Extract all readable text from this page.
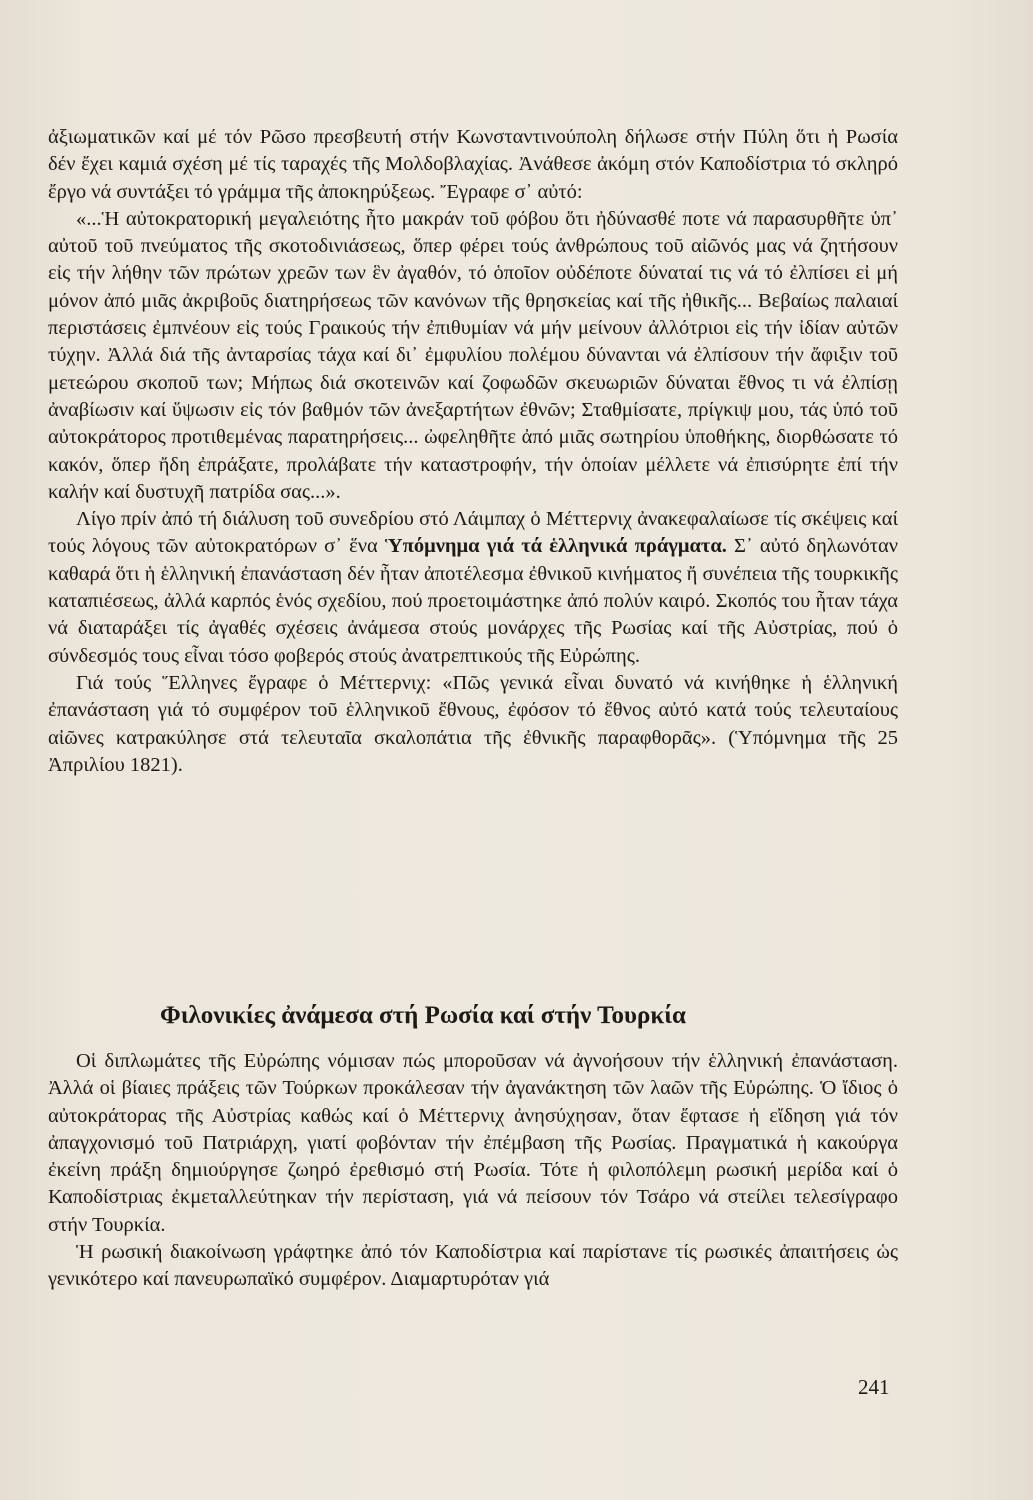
ἀξιωματικῶν καί μέ τόν Ρῶσο πρεσβευτή στήν Κωνσταντινούπολη δήλωσε στήν Πύλη ὅτι ἡ Ρωσία δέν ἔχει καμιά σχέση μέ τίς ταραχές τῆς Μολδοβλαχίας. Ἀνάθεσε ἀκόμη στόν Καποδίστρια τό σκληρό ἔργο νά συντάξει τό γράμμα τῆς ἀποκηρύξεως. Ἔγραφε σ᾽ αὐτό:

«...Ἡ αὐτοκρατορική μεγαλειότης ἦτο μακράν τοῦ φόβου ὅτι ἠδύνασθέ ποτε νά παρασυρθῆτε ὑπ᾽ αὐτοῦ τοῦ πνεύματος τῆς σκοτοδινιάσεως, ὅπερ φέρει τούς ἀνθρώπους τοῦ αἰῶνός μας νά ζητήσουν εἰς τήν λήθην τῶν πρώτων χρεῶν των ἓν ἀγαθόν, τό ὁποῖον οὐδέποτε δύναταί τις νά τό ἐλπίσει εἰ μή μόνον ἀπό μιᾶς ἀκριβοῦς διατηρήσεως τῶν κανόνων τῆς θρησκείας καί τῆς ἠθικῆς... Βεβαίως παλαιαί περιστάσεις ἐμπνέουν εἰς τούς Γραικούς τήν ἐπιθυμίαν νά μήν μείνουν ἀλλότριοι εἰς τήν ἰδίαν αὐτῶν τύχην. Ἀλλά διά τῆς ἀνταρσίας τάχα καί δι᾽ ἐμφυλίου πολέμου δύνανται νά ἐλπίσουν τήν ἄφιξιν τοῦ μετεώρου σκοποῦ των; Μήπως διά σκοτεινῶν καί ζοφωδῶν σκευωριῶν δύναται ἔθνος τι νά ἐλπίσῃ ἀναβίωσιν καί ὕψωσιν εἰς τόν βαθμόν τῶν ἀνεξαρτήτων ἐθνῶν; Σταθμίσατε, πρίγκιψ μου, τάς ὑπό τοῦ αὐτοκράτορος προτιθεμένας παρατηρήσεις... ὠφεληθῆτε ἀπό μιᾶς σωτηρίου ὑποθήκης, διορθώσατε τό κακόν, ὅπερ ἤδη ἐπράξατε, προλάβατε τήν καταστροφήν, τήν ὁποίαν μέλλετε νά ἐπισύρητε ἐπί τήν καλήν καί δυστυχῆ πατρίδα σας...».

Λίγο πρίν ἀπό τή διάλυση τοῦ συνεδρίου στό Λάιμπαχ ὁ Μέττερνιχ ἀνακεφαλαίωσε τίς σκέψεις καί τούς λόγους τῶν αὐτοκρατόρων σ᾽ ἕνα Ὑπόμνημα γιά τά ἑλληνικά πράγματα. Σ᾽ αὐτό δηλωνόταν καθαρά ὅτι ἡ ἑλληνική ἐπανάσταση δέν ἦταν ἀποτέλεσμα ἐθνικοῦ κινήματος ἤ συνέπεια τῆς τουρκικῆς καταπιέσεως, ἀλλά καρπός ἑνός σχεδίου, πού προετοιμάστηκε ἀπό πολύν καιρό. Σκοπός του ἦταν τάχα νά διαταράξει τίς ἀγαθές σχέσεις ἀνάμεσα στούς μονάρχες τῆς Ρωσίας καί τῆς Αὐστρίας, πού ὁ σύνδεσμός τους εἶναι τόσο φοβερός στούς ἀνατρεπτικούς τῆς Εὐρώπης.

Γιά τούς Ἕλληνες ἔγραφε ὁ Μέττερνιχ: «Πῶς γενικά εἶναι δυνατό νά κινήθηκε ἡ ἑλληνική ἐπανάσταση γιά τό συμφέρον τοῦ ἑλληνικοῦ ἔθνους, ἐφόσον τό ἔθνος αὐτό κατά τούς τελευταίους αἰῶνες κατρακύλησε στά τελευταῖα σκαλοπάτια τῆς ἐθνικῆς παραφθορᾶς». (Ὑπόμνημα τῆς 25 Ἀπριλίου 1821).

Φιλονικίες ἀνάμεσα στή Ρωσία καί στήν Τουρκία

Οἱ διπλωμάτες τῆς Εὐρώπης νόμισαν πώς μποροῦσαν νά ἀγνοήσουν τήν ἑλληνική ἐπανάσταση. Ἀλλά οἱ βίαιες πράξεις τῶν Τούρκων προκάλεσαν τήν ἀγανάκτηση τῶν λαῶν τῆς Εὐρώπης. Ὁ ἴδιος ὁ αὐτοκράτορας τῆς Αὐστρίας καθώς καί ὁ Μέττερνιχ ἀνησύχησαν, ὅταν ἔφτασε ἡ εἴδηση γιά τόν ἀπαγχονισμό τοῦ Πατριάρχη, γιατί φοβόνταν τήν ἐπέμβαση τῆς Ρωσίας. Πραγματικά ἡ κακούργα ἐκείνη πράξη δημιούργησε ζωηρό ἐρεθισμό στή Ρωσία. Τότε ἡ φιλοπόλεμη ρωσική μερίδα καί ὁ Καποδίστριας ἐκμεταλλεύτηκαν τήν περίσταση, γιά νά πείσουν τόν Τσάρο νά στείλει τελεσίγραφο στήν Τουρκία.

Ἡ ρωσική διακοίνωση γράφτηκε ἀπό τόν Καποδίστρια καί παρίστανε τίς ρωσικές ἀπαιτήσεις ὡς γενικότερο καί πανευρωπαϊκό συμφέρον. Διαμαρτυρόταν γιά

241
